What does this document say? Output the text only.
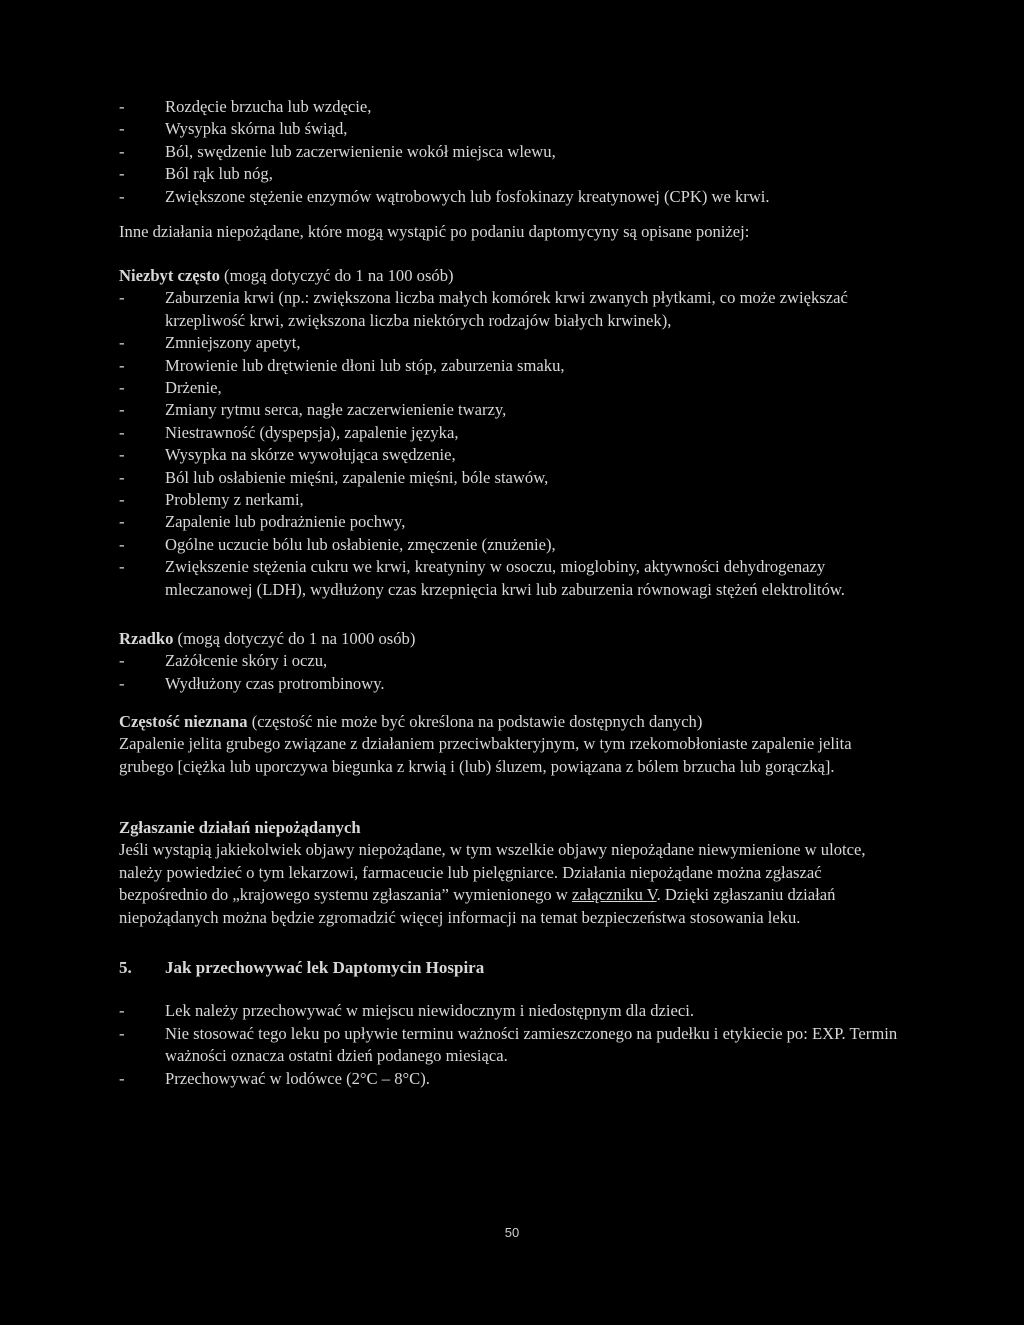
- Rozdęcie brzucha lub wzdęcie,
- Wysypka skórna lub świąd,
- Ból, swędzenie lub zaczerwienienie wokół miejsca wlewu,
- Ból rąk lub nóg,
- Zwiększone stężenie enzymów wątrobowych lub fosfokinazy kreatynowej (CPK) we krwi.

Inne działania niepożądane, które mogą wystąpić po podaniu daptomycyny są opisane poniżej:

Niezbyt często (mogą dotyczyć do 1 na 100 osób)

- Zaburzenia krwi (np.: zwiększona liczba małych komórek krwi zwanych płytkami, co może zwiększać krzepliwość krwi, zwiększona liczba niektórych rodzajów białych krwinek),
- Zmniejszony apetyt,
- Mrowienie lub drętwienie dłoni lub stóp, zaburzenia smaku,
- Drżenie,
- Zmiany rytmu serca, nagłe zaczerwienienie twarzy,
- Niestrawność (dyspepsja), zapalenie języka,
- Wysypka na skórze wywołująca swędzenie,
- Ból lub osłabienie mięśni, zapalenie mięśni, bóle stawów,
- Problemy z nerkami,
- Zapalenie lub podrażnienie pochwy,
- Ogólne uczucie bólu lub osłabienie, zmęczenie (znużenie),
- Zwiększenie stężenia cukru we krwi, kreatyniny w osoczu, mioglobiny, aktywności dehydrogenazy mleczanowej (LDH), wydłużony czas krzepnięcia krwi lub zaburzenia równowagi stężeń elektrolitów.

Rzadko (mogą dotyczyć do 1 na 1000 osób)

- Zażółcenie skóry i oczu,
- Wydłużony czas protrombinowy.

Częstość nieznana (częstość nie może być określona na podstawie dostępnych danych)

Zapalenie jelita grubego związane z działaniem przeciwbakteryjnym, w tym rzekomobłoniaste zapalenie jelita grubego [ciężka lub uporczywa biegunka z krwią i (lub) śluzem, powiązana z bólem brzucha lub gorączką].

Zgłaszanie działań niepożądanych

Jeśli wystąpią jakiekolwiek objawy niepożądane, w tym wszelkie objawy niepożądane niewymienione w ulotce, należy powiedzieć o tym lekarzowi, farmaceucie lub pielęgniarce. Działania niepożądane można zgłaszać bezpośrednio do „krajowego systemu zgłaszania” wymienionego w załączniku V. Dzięki zgłaszaniu działań niepożądanych można będzie zgromadzić więcej informacji na temat bezpieczeństwa stosowania leku.

5. Jak przechowywać lek Daptomycin Hospira

- Lek należy przechowywać w miejscu niewidocznym i niedostępnym dla dzieci.
- Nie stosować tego leku po upływie terminu ważności zamieszczonego na pudełku i etykiecie po: EXP. Termin ważności oznacza ostatni dzień podanego miesiąca.
- Przechowywać w lodówce (2°C – 8°C).
50
